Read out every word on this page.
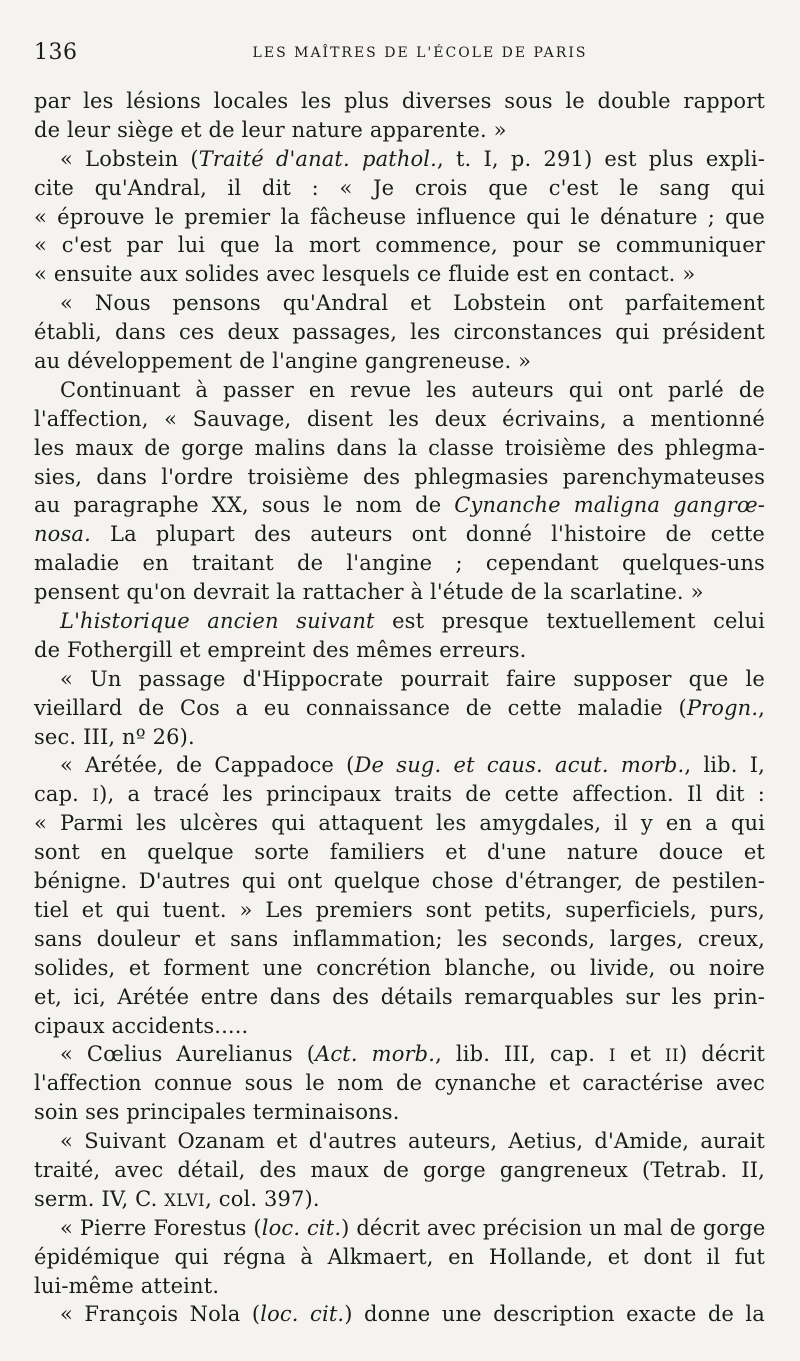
136	LES MAÎTRES DE L'ÉCOLE DE PARIS
par les lésions locales les plus diverses sous le double rapport
de leur siège et de leur nature apparente. »
« Lobstein (Traité d'anat. pathol., t. I, p. 291) est plus expli-
cite qu'Andral, il dit : « Je crois que c'est le sang qui
« éprouve le premier la fâcheuse influence qui le dénature ; que
« c'est par lui que la mort commence, pour se communiquer
« ensuite aux solides avec lesquels ce fluide est en contact. »
« Nous pensons qu'Andral et Lobstein ont parfaitement
établi, dans ces deux passages, les circonstances qui président
au développement de l'angine gangreneuse. »
Continuant à passer en revue les auteurs qui ont parlé de
l'affection, « Sauvage, disent les deux écrivains, a mentionné
les maux de gorge malins dans la classe troisième des phlegma-
sies, dans l'ordre troisième des phlegmasies parenchymateuses
au paragraphe XX, sous le nom de Cynanche maligna gangrœ-
nosa. La plupart des auteurs ont donné l'histoire de cette
maladie en traitant de l'angine ; cependant quelques-uns
pensent qu'on devrait la rattacher à l'étude de la scarlatine. »
L'historique ancien suivant est presque textuellement celui
de Fothergill et empreint des mêmes erreurs.
« Un passage d'Hippocrate pourrait faire supposer que le
vieillard de Cos a eu connaissance de cette maladie (Progn.,
sec. III, nº 26).
« Arétée, de Cappadoce (De sug. et caus. acut. morb., lib. I,
cap. I), a tracé les principaux traits de cette affection. Il dit :
« Parmi les ulcères qui attaquent les amygdales, il y en a qui
sont en quelque sorte familiers et d'une nature douce et
bénigne. D'autres qui ont quelque chose d'étranger, de pestilen-
tiel et qui tuent. » Les premiers sont petits, superficiels, purs,
sans douleur et sans inflammation; les seconds, larges, creux,
solides, et forment une concrétion blanche, ou livide, ou noire
et, ici, Arétée entre dans des détails remarquables sur les prin-
cipaux accidents.....
« Cœlius Aurelianus (Act. morb., lib. III, cap. I et II) décrit
l'affection connue sous le nom de cynanche et caractérise avec
soin ses principales terminaisons.
« Suivant Ozanam et d'autres auteurs, Aetius, d'Amide, aurait
traité, avec détail, des maux de gorge gangreneux (Tetrab. II,
serm. IV, C. XLVI, col. 397).
« Pierre Forestus (loc. cit.) décrit avec précision un mal de gorge
épidémique qui régna à Alkmaert, en Hollande, et dont il fut
lui-même atteint.
« François Nola (loc. cit.) donne une description exacte de la
